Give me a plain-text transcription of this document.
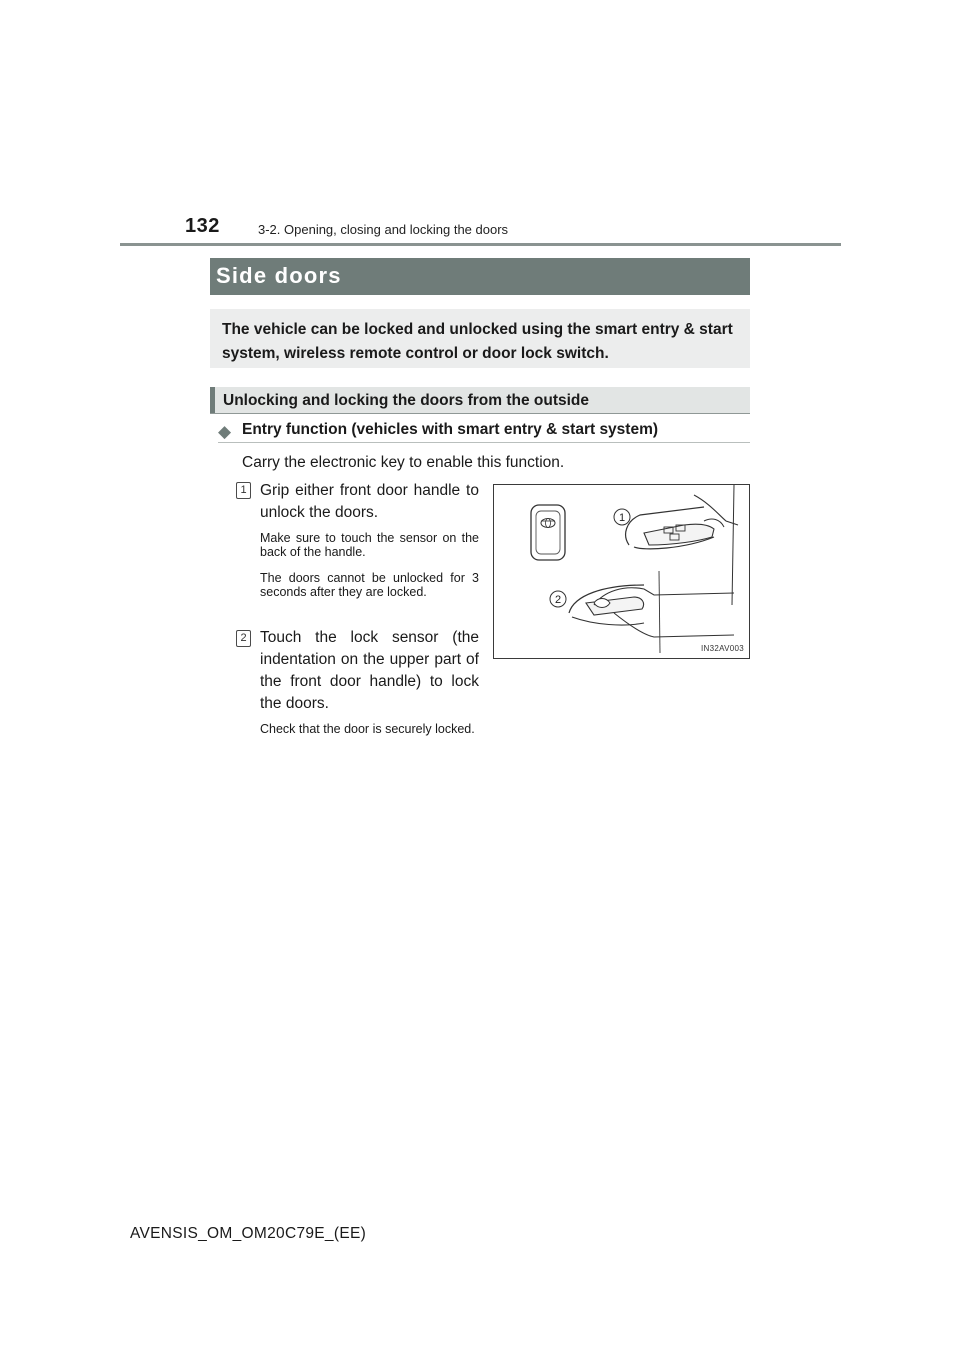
132	3-2. Opening, closing and locking the doors
Side doors
The vehicle can be locked and unlocked using the smart entry & start system, wireless remote control or door lock switch.
Unlocking and locking the doors from the outside
◆ Entry function (vehicles with smart entry & start system)
Carry the electronic key to enable this function.
1 Grip either front door handle to unlock the doors.
Make sure to touch the sensor on the back of the handle.
The doors cannot be unlocked for 3 seconds after they are locked.
2 Touch the lock sensor (the indentation on the upper part of the front door handle) to lock the doors.
Check that the door is securely locked.
1
2
IN32AV003
AVENSIS_OM_OM20C79E_(EE)
